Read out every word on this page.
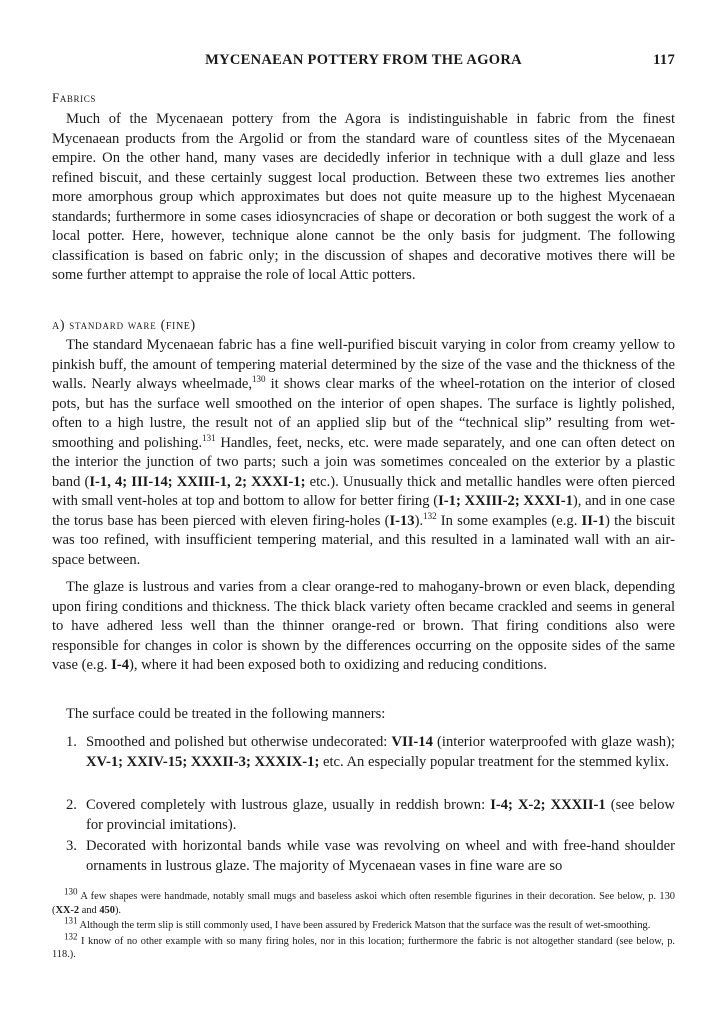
MYCENAEAN POTTERY FROM THE AGORA	117
Fabrics

Much of the Mycenaean pottery from the Agora is indistinguishable in fabric from the finest Mycenaean products from the Argolid or from the standard ware of countless sites of the Mycenaean empire. On the other hand, many vases are decidedly inferior in technique with a dull glaze and less refined biscuit, and these certainly suggest local production. Between these two extremes lies another more amorphous group which approximates but does not quite measure up to the highest Mycenaean standards; furthermore in some cases idiosyncracies of shape or decoration or both suggest the work of a local potter. Here, however, technique alone cannot be the only basis for judgment. The following classification is based on fabric only; in the discussion of shapes and decorative motives there will be some further attempt to appraise the role of local Attic potters.

a) standard ware (fine)

The standard Mycenaean fabric has a fine well-purified biscuit varying in color from creamy yellow to pinkish buff, the amount of tempering material determined by the size of the vase and the thickness of the walls. Nearly always wheelmade,$^{130}$ it shows clear marks of the wheel-rotation on the interior of closed pots, but has the surface well smoothed on the interior of open shapes. The surface is lightly polished, often to a high lustre, the result not of an applied slip but of the “technical slip” resulting from wet-smoothing and polishing.$^{131}$ Handles, feet, necks, etc. were made separately, and one can often detect on the interior the junction of two parts; such a join was sometimes concealed on the exterior by a plastic band (I-1, 4; III-14; XXIII-1, 2; XXXI-1; etc.). Unusually thick and metallic handles were often pierced with small vent-holes at top and bottom to allow for better firing (I-1; XXIII-2; XXXI-1), and in one case the torus base has been pierced with eleven firing-holes (I-13).$^{132}$ In some examples (e.g. II-1) the biscuit was too refined, with insufficient tempering material, and this resulted in a laminated wall with an air-space between.

The glaze is lustrous and varies from a clear orange-red to mahogany-brown or even black, depending upon firing conditions and thickness. The thick black variety often became crackled and seems in general to have adhered less well than the thinner orange-red or brown. That firing conditions also were responsible for changes in color is shown by the differences occurring on the opposite sides of the same vase (e.g. I-4), where it had been exposed both to oxidizing and reducing conditions.

The surface could be treated in the following manners:

1. Smoothed and polished but otherwise undecorated: VII-14 (interior waterproofed with glaze wash); XV-1; XXIV-15; XXXII-3; XXXIX-1; etc. An especially popular treatment for the stemmed kylix.
2. Covered completely with lustrous glaze, usually in reddish brown: I-4; X-2; XXXII-1 (see below for provincial imitations).
3. Decorated with horizontal bands while vase was revolving on wheel and with free-hand shoulder ornaments in lustrous glaze. The majority of Mycenaean vases in fine ware are so

$^{130}$ A few shapes were handmade, notably small mugs and baseless askoi which often resemble figurines in their decoration. See below, p. 130 (XX-2 and 450).

$^{131}$ Although the term slip is still commonly used, I have been assured by Frederick Matson that the surface was the result of wet-smoothing.

$^{132}$ I know of no other example with so many firing holes, nor in this location; furthermore the fabric is not altogether standard (see below, p. 118.).
